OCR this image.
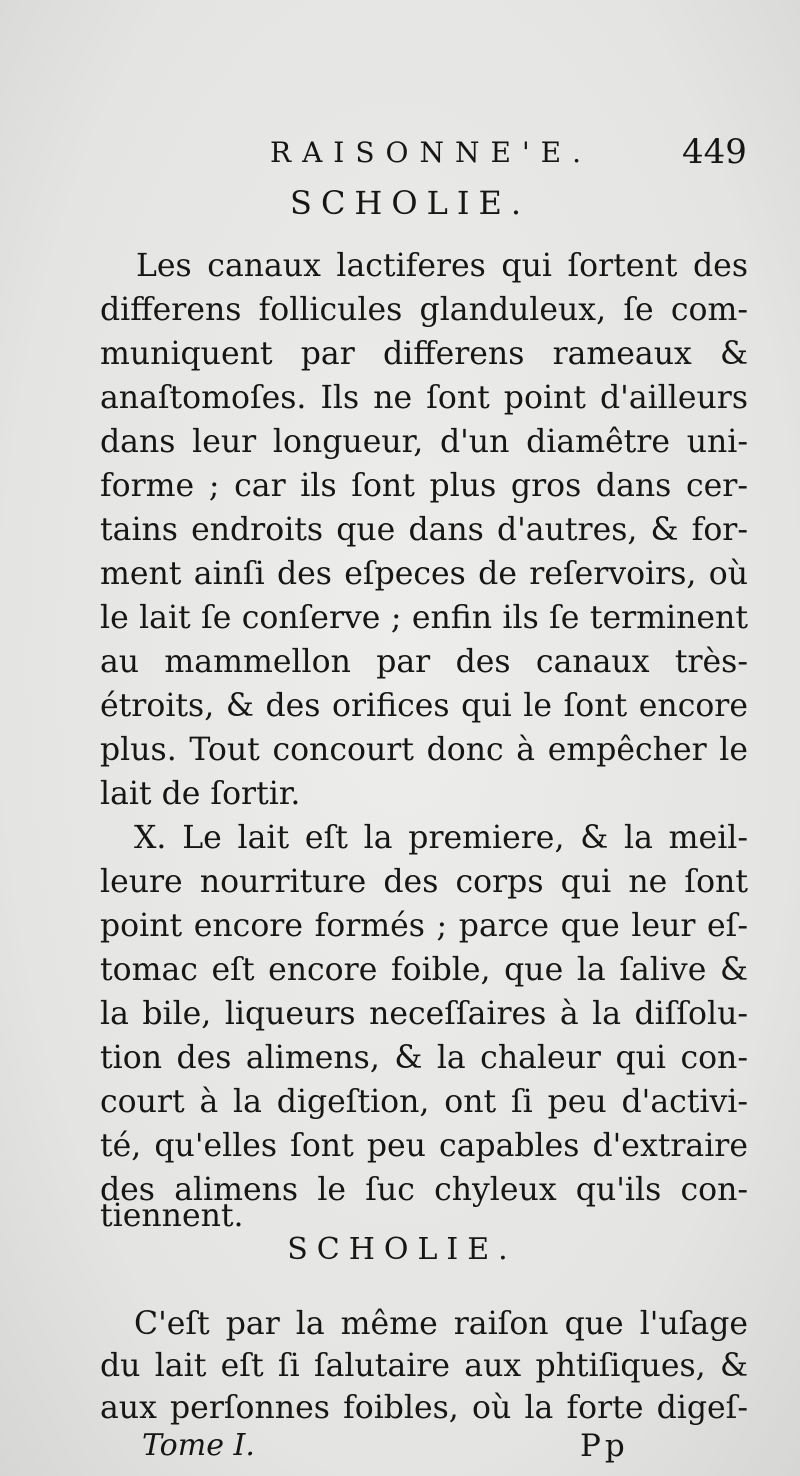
RAISONNE'E.	449
SCHOLIE.
Les canaux lactiferes qui ſortent des
differens follicules glanduleux, ſe com-
muniquent par differens rameaux &
anaſtomoſes. Ils ne ſont point d'ailleurs
dans leur longueur, d'un diamêtre uni-
forme ; car ils ſont plus gros dans cer-
tains endroits que dans d'autres, & for-
ment ainſi des eſpeces de reſervoirs, où
le lait ſe conſerve ; enfin ils ſe terminent
au mammellon par des canaux très-
étroits, & des orifices qui le ſont encore
plus. Tout concourt donc à empêcher le
lait de ſortir.
X. Le lait eſt la premiere, & la meil-
leure nourriture des corps qui ne ſont
point encore formés ; parce que leur eſ-
tomac eſt encore foible, que la ſalive &
la bile, liqueurs neceſſaires à la diſſolu-
tion des alimens, & la chaleur qui con-
court à la digeſtion, ont ſi peu d'activi-
té, qu'elles ſont peu capables d'extraire
des alimens le ſuc chyleux qu'ils con-
tiennent.
SCHOLIE.
C'eſt par la même raiſon que l'uſage
du lait eſt ſi ſalutaire aux phtiſiques, &
aux perſonnes foibles, où la forte digeſ-
Tome I.	Pp
